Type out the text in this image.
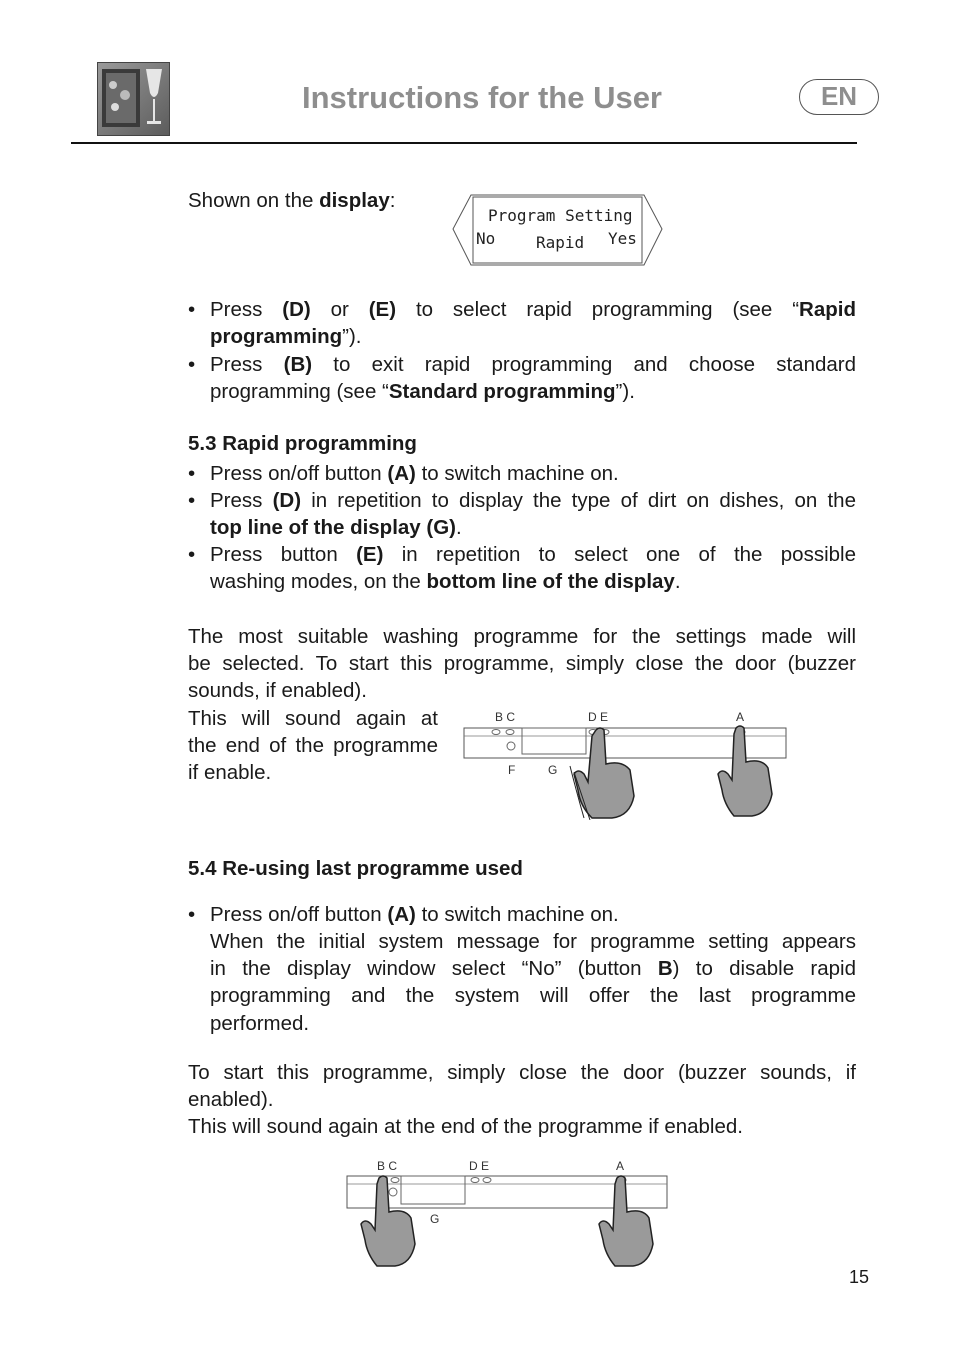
Instructions for the User	EN
Shown on the display:
Program Setting
No	Rapid Yes
• Press (D) or (E) to select rapid programming (see “Rapid
programming”).
• Press (B) to exit rapid programming and choose standard
programming (see “Standard programming”).
5.3 Rapid programming
• Press on/off button (A) to switch machine on.
• Press (D) in repetition to display the type of dirt on dishes, on the
top line of the display (G).
• Press button (E) in repetition to select one of the possible
washing modes, on the bottom line of the display.
The most suitable washing programme for the settings made will
be selected. To start this programme, simply close the door (buzzer
sounds, if enabled).
This will sound again at
the end of the programme
if enable.
B C	D E	A
F	G
5.4 Re-using last programme used
• Press on/off button (A) to switch machine on.
When the initial system message for programme setting appears
in the display window select “No” (button B) to disable rapid
programming and the system will offer the last programme
performed.
To start this programme, simply close the door (buzzer sounds, if
enabled).
This will sound again at the end of the programme if enabled.
B C	D E	A
G
15
